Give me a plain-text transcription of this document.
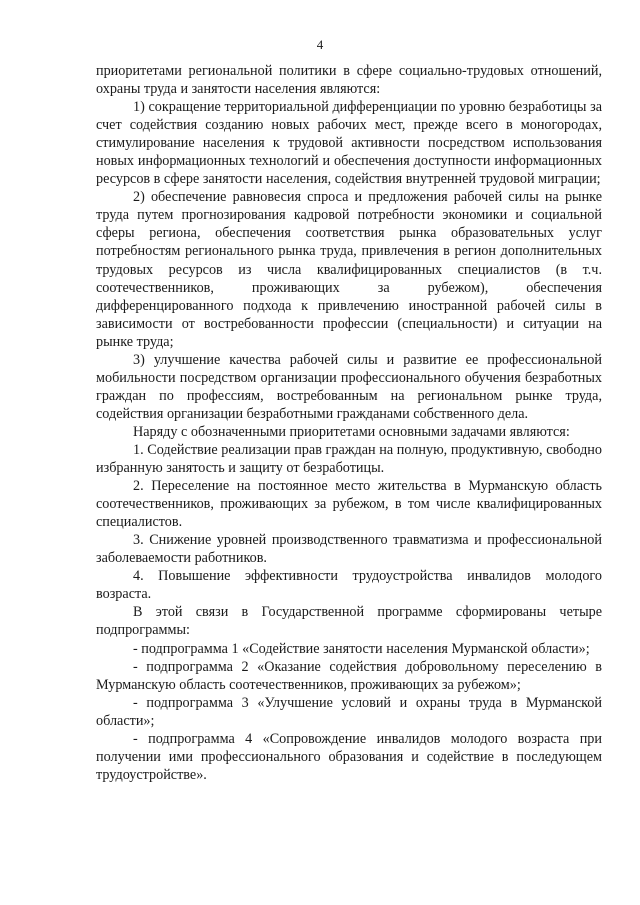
4

приоритетами региональной политики в сфере социально-трудовых отношений, охраны труда и занятости населения являются:

1) сокращение территориальной дифференциации по уровню безработицы за счет содействия созданию новых рабочих мест, прежде всего в моногородах, стимулирование населения к трудовой активности посредством использования новых информационных технологий и обеспечения доступности информационных ресурсов в сфере занятости населения, содействия внутренней трудовой миграции;

2) обеспечение равновесия спроса и предложения рабочей силы на рынке труда путем прогнозирования кадровой потребности экономики и социальной сферы региона, обеспечения соответствия рынка образовательных услуг потребностям регионального рынка труда, привлечения в регион дополнительных трудовых ресурсов из числа квалифицированных специалистов (в т.ч. соотечественников, проживающих за рубежом), обеспечения дифференцированного подхода к привлечению иностранной рабочей силы в зависимости от востребованности профессии (специальности) и ситуации на рынке труда;

3) улучшение качества рабочей силы и развитие ее профессиональной мобильности посредством организации профессионального обучения безработных граждан по профессиям, востребованным на региональном рынке труда, содействия организации безработными гражданами собственного дела.

Наряду с обозначенными приоритетами основными задачами являются:

1. Содействие реализации прав граждан на полную, продуктивную, свободно избранную занятость и защиту от безработицы.

2. Переселение на постоянное место жительства в Мурманскую область соотечественников, проживающих за рубежом, в том числе квалифицированных специалистов.

3. Снижение уровней производственного травматизма и профессиональной заболеваемости работников.

4. Повышение эффективности трудоустройства инвалидов молодого возраста.

В этой связи в Государственной программе сформированы четыре подпрограммы:

- подпрограмма 1 «Содействие занятости населения Мурманской области»;

- подпрограмма 2 «Оказание содействия добровольному переселению в Мурманскую область соотечественников, проживающих за рубежом»;

- подпрограмма 3 «Улучшение условий и охраны труда в Мурманской области»;

- подпрограмма 4 «Сопровождение инвалидов молодого возраста при получении ими профессионального образования и содействие в последующем трудоустройстве».
